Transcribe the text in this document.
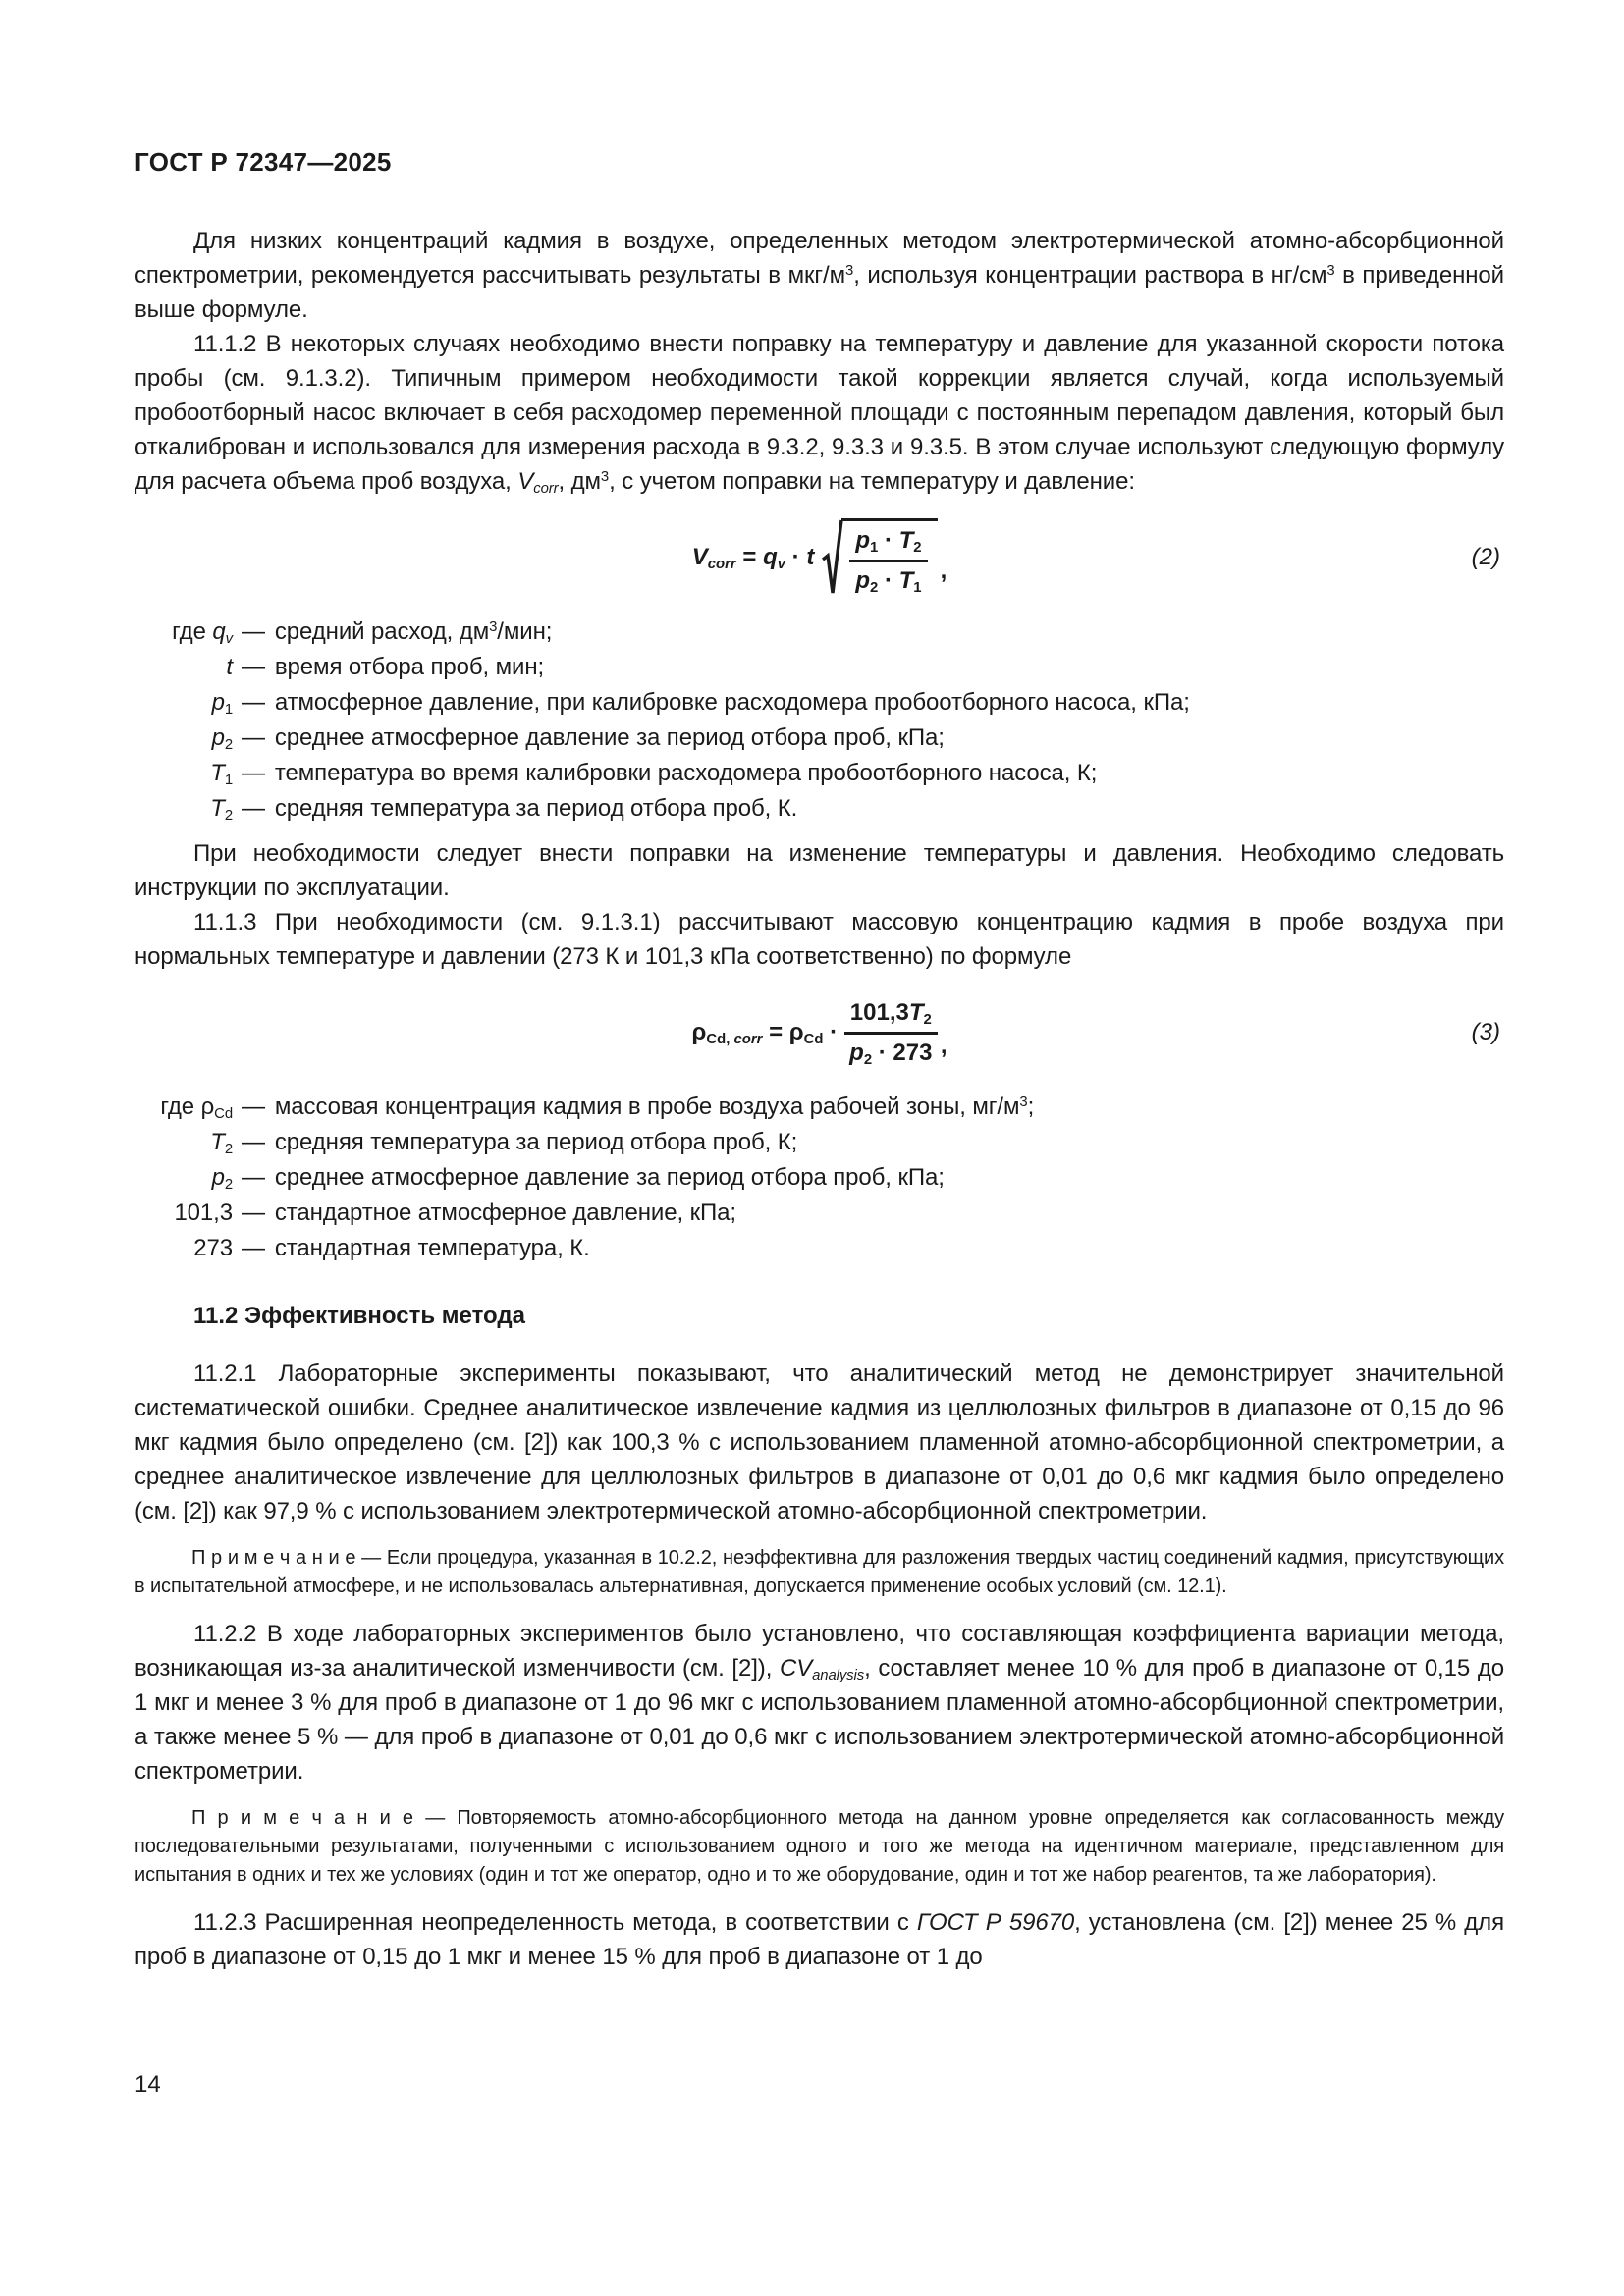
ГОСТ Р 72347—2025

Для низких концентраций кадмия в воздухе, определенных методом электротермической атомно-абсорбционной спектрометрии, рекомендуется рассчитывать результаты в мкг/$м^3$, используя концентрации раствора в $нг/см^3$ в приведенной выше формуле.

11.1.2 В некоторых случаях необходимо внести поправку на температуру и давление для указанной скорости потока пробы (см. 9.1.3.2). Типичным примером необходимости такой коррекции является случай, когда используемый пробоотборный насос включает в себя расходомер переменной площади с постоянным перепадом давления, который был откалиброван и использовался для измерения расхода в 9.3.2, 9.3.3 и 9.3.5. В этом случае используют следующую формулу для расчета объема проб воздуха, $V_{corr}$, $дм^3$, с учетом поправки на температуру и давление:

$V_{corr} = q_v \cdot t \frac{p_1 \cdot T_2}{p_2 \cdot T_1}$ ,
(2)
где $q_v$ — средний расход, $дм^3$/мин;
t — время отбора проб, мин;
$p_1$ — атмосферное давление, при калибровке расходомера пробоотборного насоса, кПа;
$p_2$ — среднее атмосферное давление за период отбора проб, кПа;
$T_1$ — температура во время калибровки расходомера пробоотборного насоса, К;
$T_2$ — средняя температура за период отбора проб, К.

При необходимости следует внести поправки на изменение температуры и давления. Необходимо следовать инструкции по эксплуатации.

11.1.3 При необходимости (см. 9.1.3.1) рассчитывают массовую концентрацию кадмия в пробе воздуха при нормальных температуре и давлении (273 К и 101,3 кПа соответственно) по формуле

$\rho_{Cd,}$ $_{corr} = \rho_{Cd} \cdot \frac{101,3T_2}{p_2 \cdot 273}$ ,
(3)
где $\rho_{Cd}$ — массовая концентрация кадмия в пробе воздуха рабочей зоны, $мг/м^3$;
$T_2$ — средняя температура за период отбора проб, К;
$p_2$ — среднее атмосферное давление за период отбора проб, кПа;
101,3 — стандартное атмосферное давление, кПа;
273 — стандартная температура, К.
11.2 Эффективность метода

11.2.1 Лабораторные эксперименты показывают, что аналитический метод не демонстрирует значительной систематической ошибки. Среднее аналитическое извлечение кадмия из целлюлозных фильтров в диапазоне от 0,15 до 96 мкг кадмия было определено (см. [2]) как 100,3 % с использованием пламенной атомно-абсорбционной спектрометрии, а среднее аналитическое извлечение для целлюлозных фильтров в диапазоне от 0,01 до 0,6 мкг кадмия было определено (см. [2]) как 97,9 % с использованием электротермической атомно-абсорбционной спектрометрии.

П р и м е ч а н и е — Если процедура, указанная в 10.2.2, неэффективна для разложения твердых частиц соединений кадмия, присутствующих в испытательной атмосфере, и не использовалась альтернативная, допускается применение особых условий (см. 12.1).

11.2.2 В ходе лабораторных экспериментов было установлено, что составляющая коэффициента вариации метода, возникающая из-за аналитической изменчивости (см. [2]), $CV_{analysis}$, составляет менее 10 % для проб в диапазоне от 0,15 до 1 мкг и менее 3 % для проб в диапазоне от 1 до 96 мкг с использованием пламенной атомно-абсорбционной спектрометрии, а также менее 5 % — для проб в диапазоне от 0,01 до 0,6 мкг с использованием электротермической атомно-абсорбционной спектрометрии.

П р и м е ч а н и е — Повторяемость атомно-абсорбционного метода на данном уровне определяется как согласованность между последовательными результатами, полученными с использованием одного и того же метода на идентичном материале, представленном для испытания в одних и тех же условиях (один и тот же оператор, одно и то же оборудование, один и тот же набор реагентов, та же лаборатория).

11.2.3 Расширенная неопределенность метода, в соответствии с ГОСТ Р 59670, установлена (см. [2]) менее 25 % для проб в диапазоне от 0,15 до 1 мкг и менее 15 % для проб в диапазоне от 1 до

14
